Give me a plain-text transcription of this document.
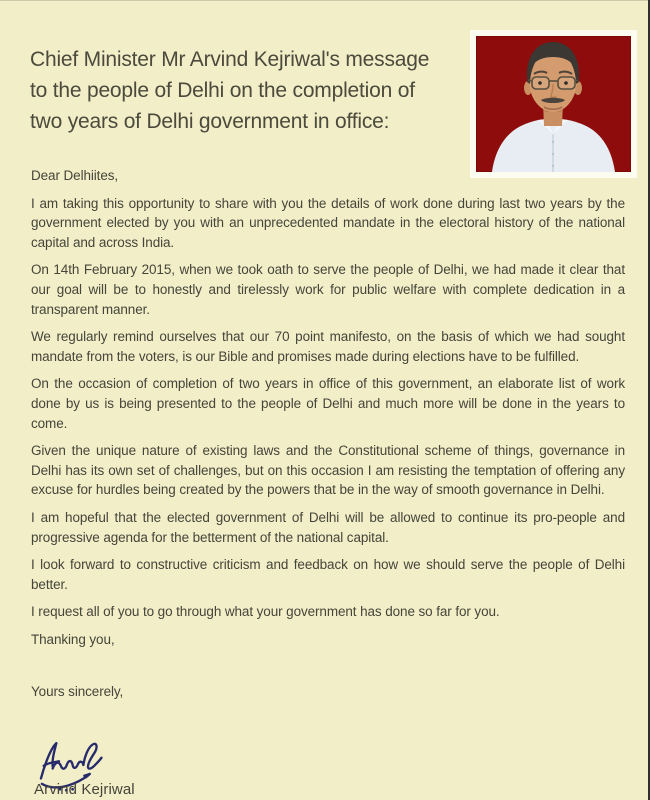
Chief Minister Mr Arvind Kejriwal's message
to the people of Delhi on the completion of
two years of Delhi government in office:

Dear Delhiites,

I am taking this opportunity to share with you the details of work done during last two years by the government elected by you with an unprecedented mandate in the electoral history of the national capital and across India.

On 14th February 2015, when we took oath to serve the people of Delhi, we had made it clear that our goal will be to honestly and tirelessly work for public welfare with complete dedication in a transparent manner.

We regularly remind ourselves that our 70 point manifesto, on the basis of which we had sought mandate from the voters, is our Bible and promises made during elections have to be fulfilled.

On the occasion of completion of two years in office of this government, an elaborate list of work done by us is being presented to the people of Delhi and much more will be done in the years to come.

Given the unique nature of existing laws and the Constitutional scheme of things, governance in Delhi has its own set of challenges, but on this occasion I am resisting the temptation of offering any excuse for hurdles being created by the powers that be in the way of smooth governance in Delhi.

I am hopeful that the elected government of Delhi will be allowed to continue its pro-people and progressive agenda for the betterment of the national capital.

I look forward to constructive criticism and feedback on how we should serve the people of Delhi better.

I request all of you to go through what your government has done so far for you.

Thanking you,

Yours sincerely,

Arvind Kejriwal
